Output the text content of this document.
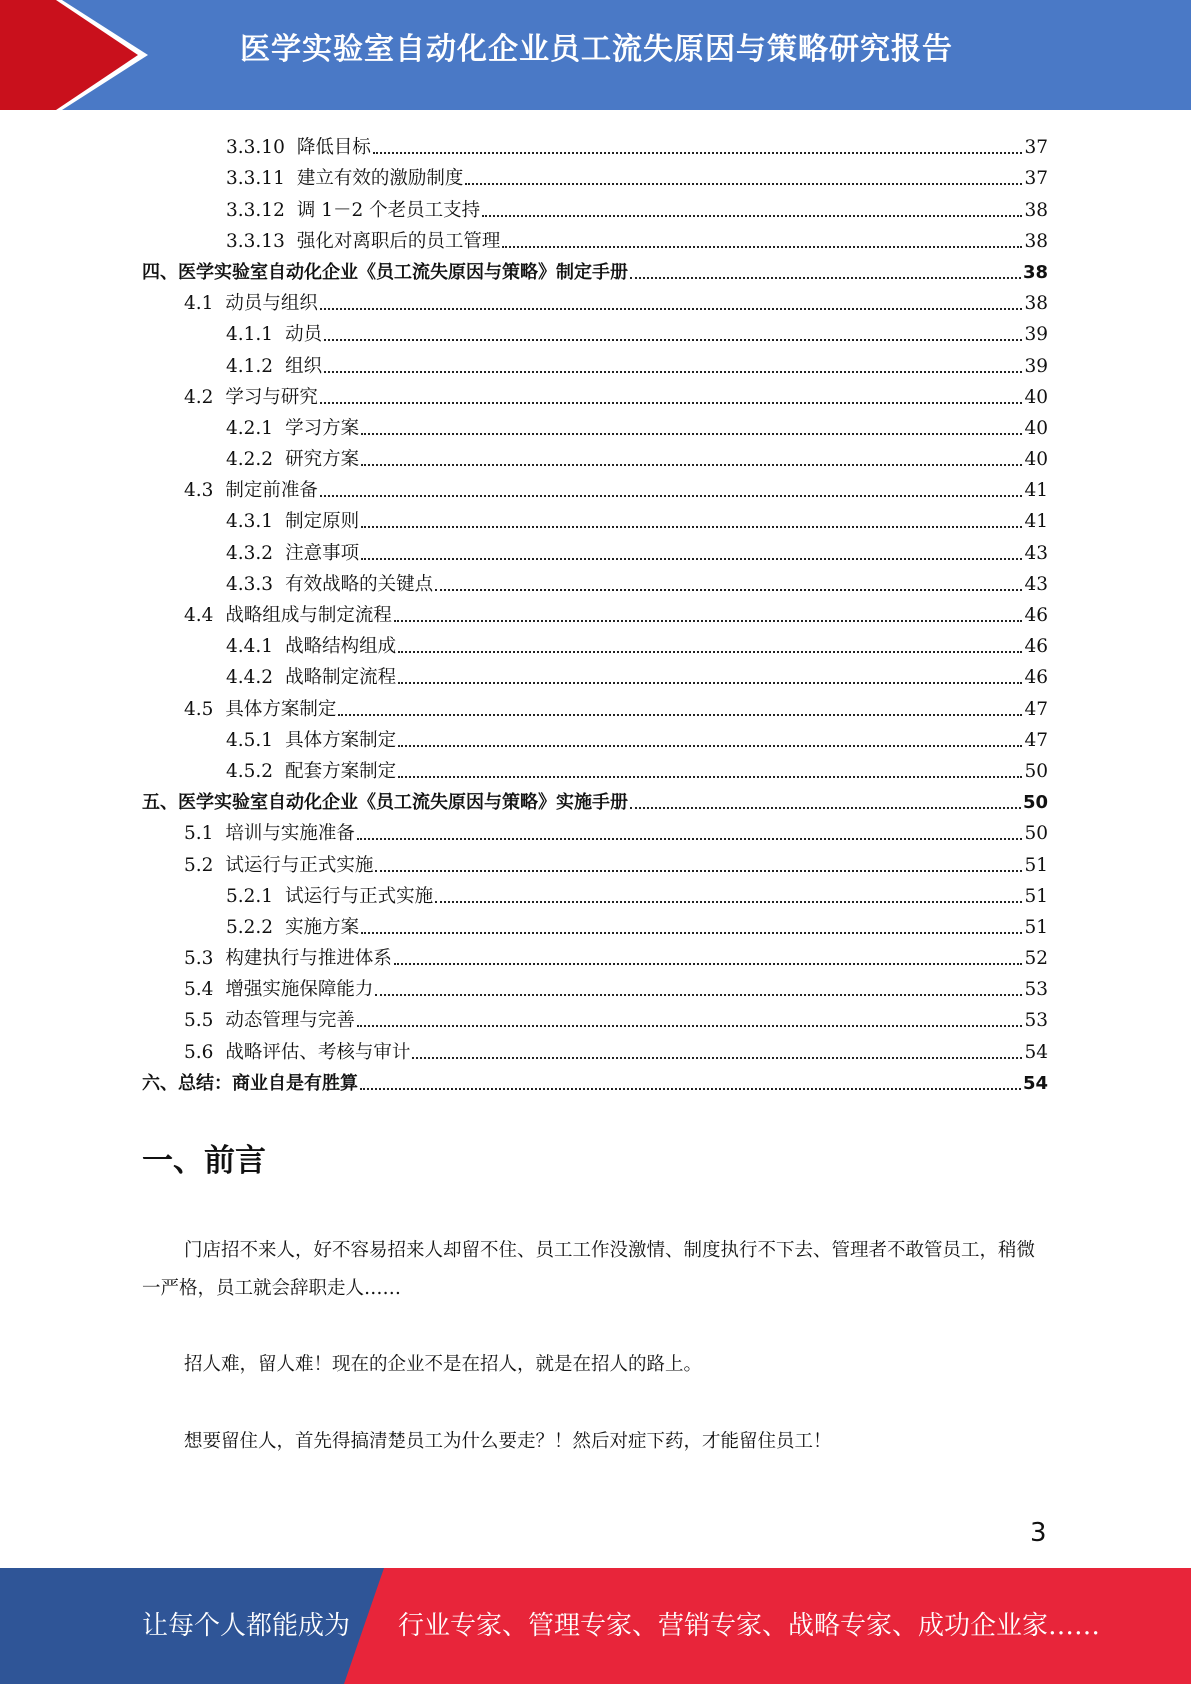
医学实验室自动化企业员工流失原因与策略研究报告
3.3.10 降低目标	37
3.3.11 建立有效的激励制度	37
3.3.12 调 1－2 个老员工支持	38
3.3.13 强化对离职后的员工管理	38
四、医学实验室自动化企业《员工流失原因与策略》制定手册	38
4.1 动员与组织	38
4.1.1 动员	39
4.1.2 组织	39
4.2 学习与研究	40
4.2.1 学习方案	40
4.2.2 研究方案	40
4.3 制定前准备	41
4.3.1 制定原则	41
4.3.2 注意事项	43
4.3.3 有效战略的关键点	43
4.4 战略组成与制定流程	46
4.4.1 战略结构组成	46
4.4.2 战略制定流程	46
4.5 具体方案制定	47
4.5.1 具体方案制定	47
4.5.2 配套方案制定	50
五、医学实验室自动化企业《员工流失原因与策略》实施手册	50
5.1 培训与实施准备	50
5.2 试运行与正式实施	51
5.2.1 试运行与正式实施	51
5.2.2 实施方案	51
5.3 构建执行与推进体系	52
5.4 增强实施保障能力	53
5.5 动态管理与完善	53
5.6 战略评估、考核与审计	54
六、总结：商业自是有胜算	54
一、前言
门店招不来人，好不容易招来人却留不住、员工工作没激情、制度执行不下去、管理者不敢管员工，稍微一严格，员工就会辞职走人……
招人难，留人难！现在的企业不是在招人，就是在招人的路上。
想要留住人，首先得搞清楚员工为什么要走？！然后对症下药，才能留住员工！
3
让每个人都能成为 行业专家、管理专家、营销专家、战略专家、成功企业家……
